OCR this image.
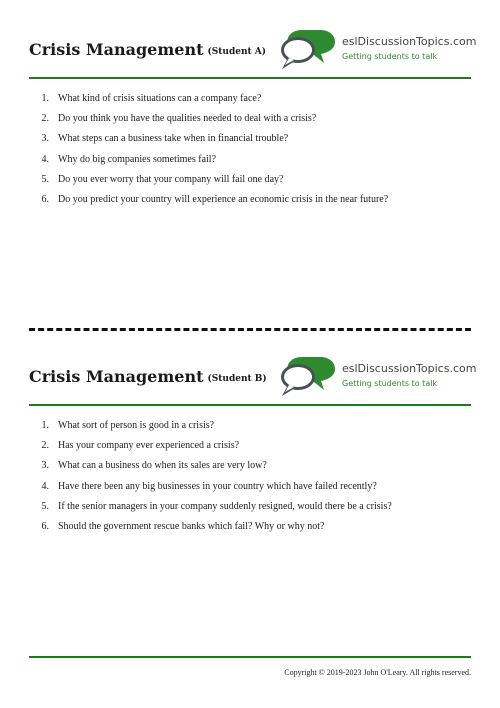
Crisis Management (Student A)
eslDiscussionTopics.com
Getting students to talk
1. What kind of crisis situations can a company face?
2. Do you think you have the qualities needed to deal with a crisis?
3. What steps can a business take when in financial trouble?
4. Why do big companies sometimes fail?
5. Do you ever worry that your company will fail one day?
6. Do you predict your country will experience an economic crisis in the near future?
Crisis Management (Student B)
eslDiscussionTopics.com
Getting students to talk
1. What sort of person is good in a crisis?
2. Has your company ever experienced a crisis?
3. What can a business do when its sales are very low?
4. Have there been any big businesses in your country which have failed recently?
5. If the senior managers in your company suddenly resigned, would there be a crisis?
6. Should the government rescue banks which fail? Why or why not?
Copyright © 2019-2023 John O'Leary. All rights reserved.
